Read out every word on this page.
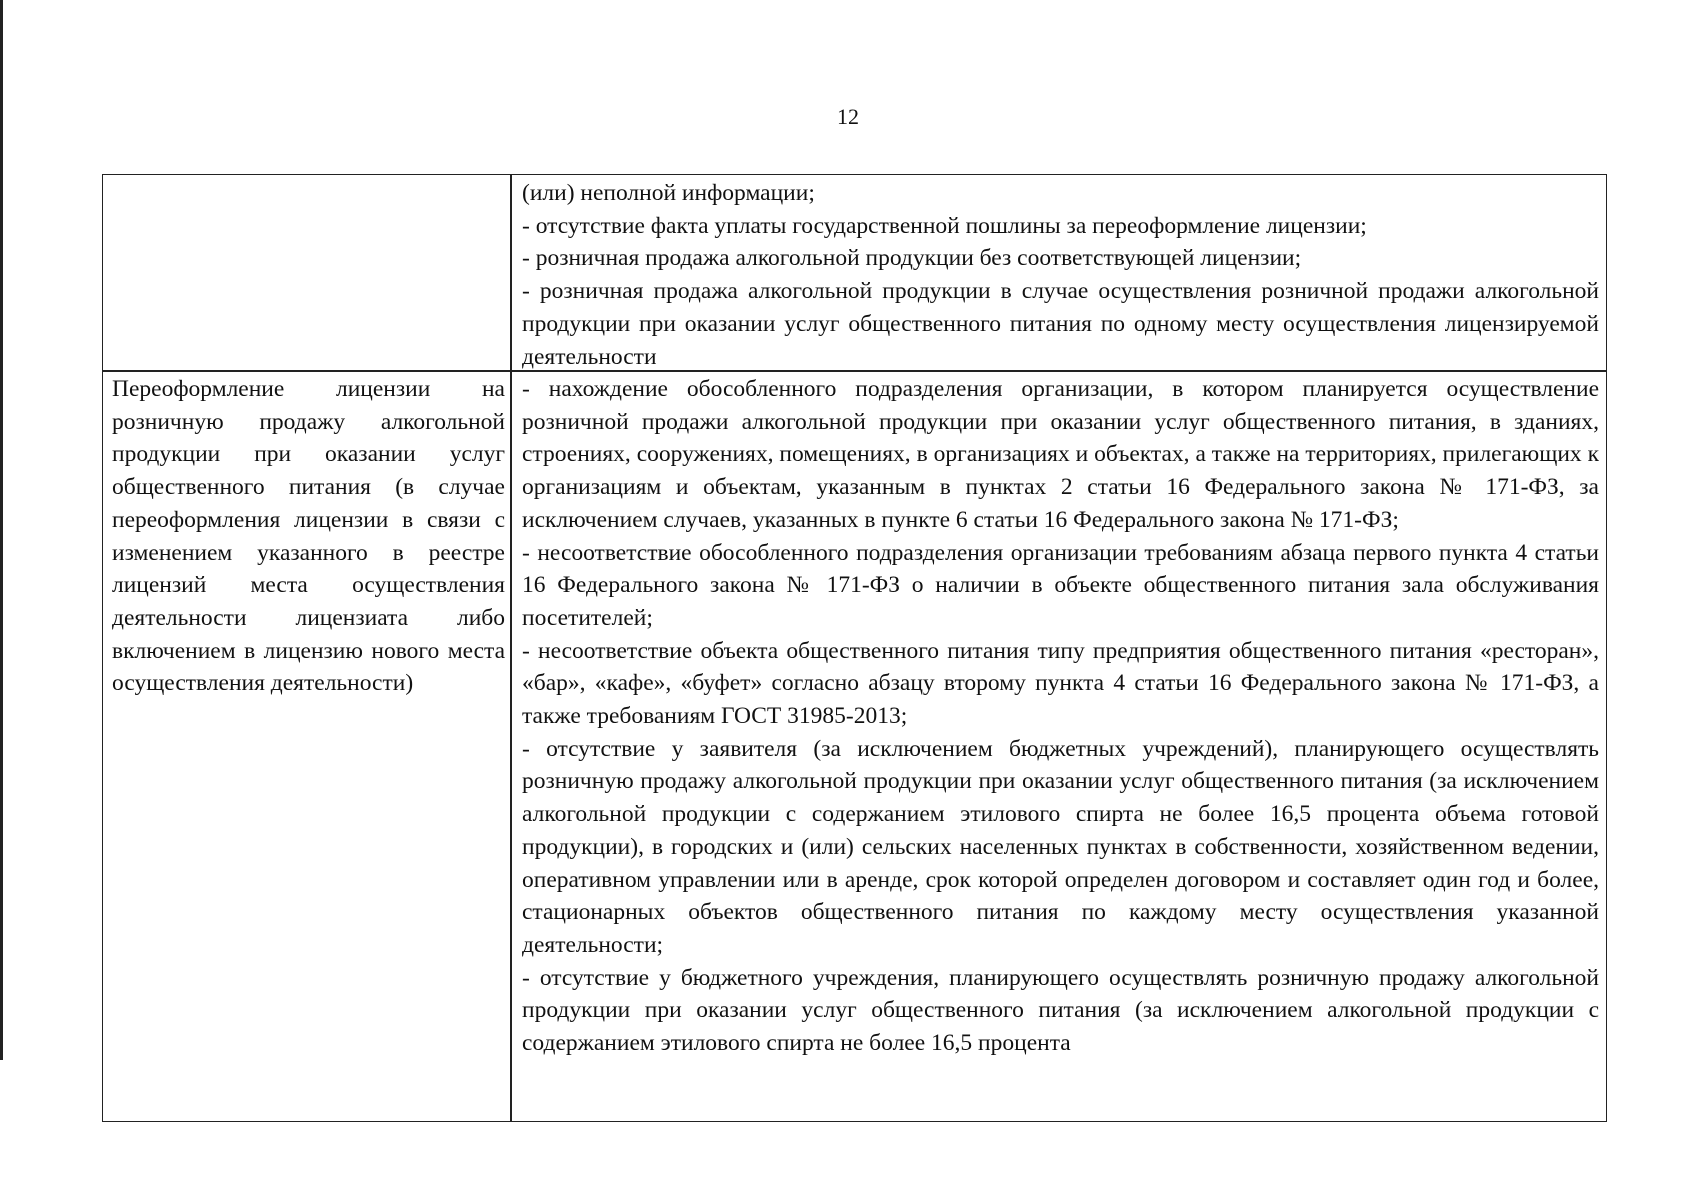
12

(или) неполной информации;

- отсутствие факта уплаты государственной пошлины за переоформление лицензии;

- розничная продажа алкогольной продукции без соответствующей лицензии;

- розничная продажа алкогольной продукции в случае осуществления розничной продажи алкогольной продукции при оказании услуг общественного питания по одному месту осуществления лицензируемой деятельности

Переоформление лицензии на розничную продажу алкогольной продукции при оказании услуг общественного питания (в случае переоформления лицензии в связи с изменением указанного в реестре лицензий места осуществления деятельности лицензиата либо включением в лицензию нового места осуществления деятельности)

- нахождение обособленного подразделения организации, в котором планируется осуществление розничной продажи алкогольной продукции при оказании услуг общественного питания, в зданиях, строениях, сооружениях, помещениях, в организациях и объектах, а также на территориях, прилегающих к организациям и объектам, указанным в пунктах 2 статьи 16 Федерального закона № 171-ФЗ, за исключением случаев, указанных в пункте 6 статьи 16 Федерального закона № 171-ФЗ;

- несоответствие обособленного подразделения организации требованиям абзаца первого пункта 4 статьи 16 Федерального закона № 171-ФЗ о наличии в объекте общественного питания зала обслуживания посетителей;

- несоответствие объекта общественного питания типу предприятия общественного питания «ресторан», «бар», «кафе», «буфет» согласно абзацу второму пункта 4 статьи 16 Федерального закона № 171-ФЗ, а также требованиям ГОСТ 31985-2013;

- отсутствие у заявителя (за исключением бюджетных учреждений), планирующего осуществлять розничную продажу алкогольной продукции при оказании услуг общественного питания (за исключением алкогольной продукции с содержанием этилового спирта не более 16,5 процента объема готовой продукции), в городских и (или) сельских населенных пунктах в собственности, хозяйственном ведении, оперативном управлении или в аренде, срок которой определен договором и составляет один год и более, стационарных объектов общественного питания по каждому месту осуществления указанной деятельности;

- отсутствие у бюджетного учреждения, планирующего осуществлять розничную продажу алкогольной продукции при оказании услуг общественного питания (за исключением алкогольной продукции с содержанием этилового спирта не более 16,5 процента
